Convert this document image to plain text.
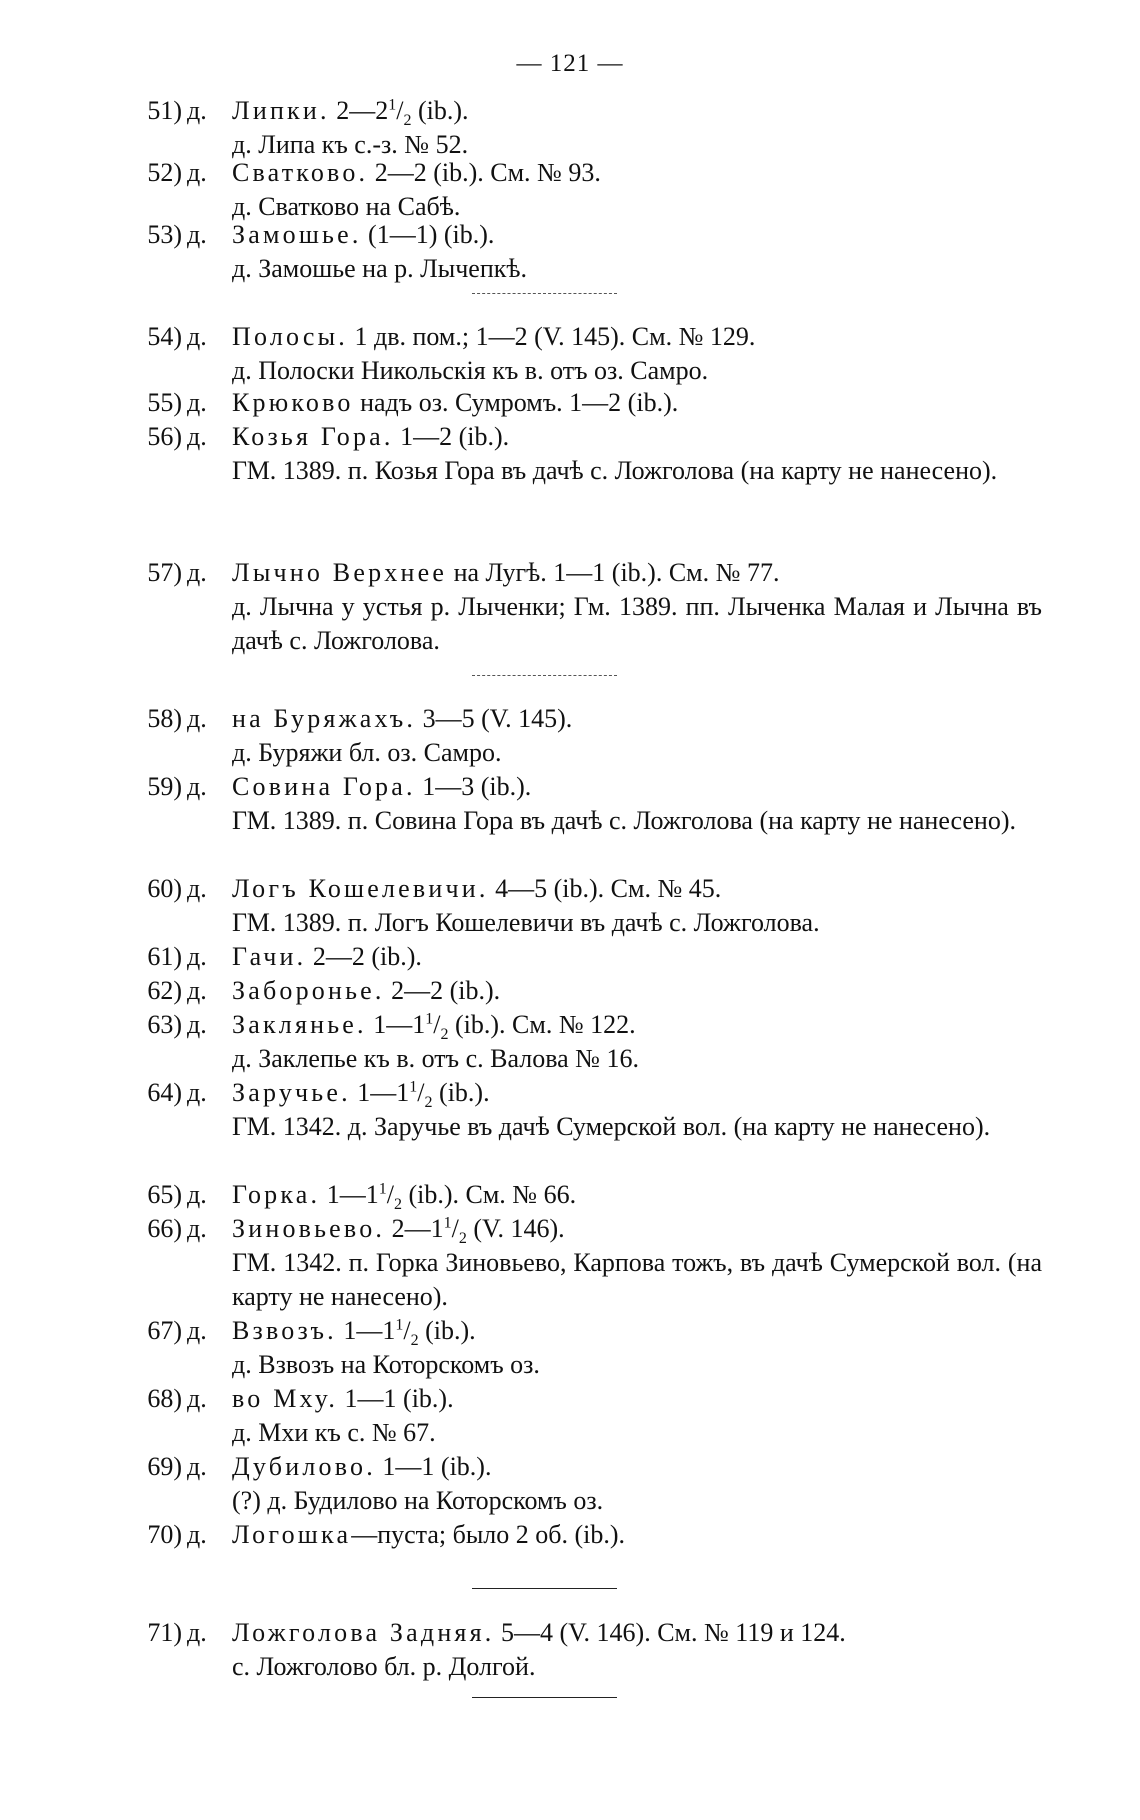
— 121 —
51) д. Липки. $2—2^1/_2$ (ib.).
д. Липа къ с.-з. № 52.
52) д. Сватково. 2—2 (ib.). См. № 93.
д. Сватково на Сабѣ.
53) д. Замошье. (1—1) (ib.).
д. Замошье на р. Лычепкѣ.
54) д. Полосы. 1 дв. пом.; 1—2 (V. 145). См. № 129.
д. Полоски Никольскія къ в. отъ оз. Самро.
55) д. Крюково надъ оз. Сумромъ. 1—2 (ib.).
56) д. Козья Гора. 1—2 (ib.).
ГМ. 1389. п. Козья Гора въ дачѣ с. Ложголова (на карту не нанесено).
57) д. Лычно Верхнее на Лугѣ. 1—1 (ib.). См. № 77.
д. Лычна у устья р. Лыченки; Гм. 1389. пп. Лыченка Малая и Лычна въ дачѣ с. Ложголова.
58) д. на Буряжахъ. 3—5 (V. 145).
д. Буряжи бл. оз. Самро.
59) д. Совина Гора. 1—3 (ib.).
ГМ. 1389. п. Совина Гора въ дачѣ с. Ложголова (на карту не нанесено).
60) д. Логъ Кошелевичи. 4—5 (ib.). См. № 45.
ГМ. 1389. п. Логъ Кошелевичи въ дачѣ с. Ложголова.
61) д. Гачи. 2—2 (ib.).
62) д. Заборонье. 2—2 (ib.).
63) д. Заклянье. $1—1^1/_2$ (ib.). См. № 122.
д. Заклепье къ в. отъ с. Валова № 16.
64) д. Заручье. $1—1^1/_2$ (ib.).
ГМ. 1342. д. Заручье въ дачѣ Сумерской вол. (на карту не нанесено).
65) д. Горка. $1—1^1/_2$ (ib.). См. № 66.
66) д. Зиновьево. $2—1^1/_2$ (V. 146).
ГМ. 1342. п. Горка Зиновьево, Карпова тожъ, въ дачѣ Сумерской вол. (на карту не нанесено).
67) д. Взвозъ. $1—1^1/_2$ (ib.).
д. Взвозъ на Которскомъ оз.
68) д. во Мху. 1—1 (ib.).
д. Мхи къ с. № 67.
69) д. Дубилово. 1—1 (ib.).
(?) д. Будилово на Которскомъ оз.
70) д. Логошка—пуста; было 2 об. (ib.).
71) д. Ложголова Задняя. 5—4 (V. 146). См. № 119 и 124.
с. Ложголово бл. р. Долгой.
